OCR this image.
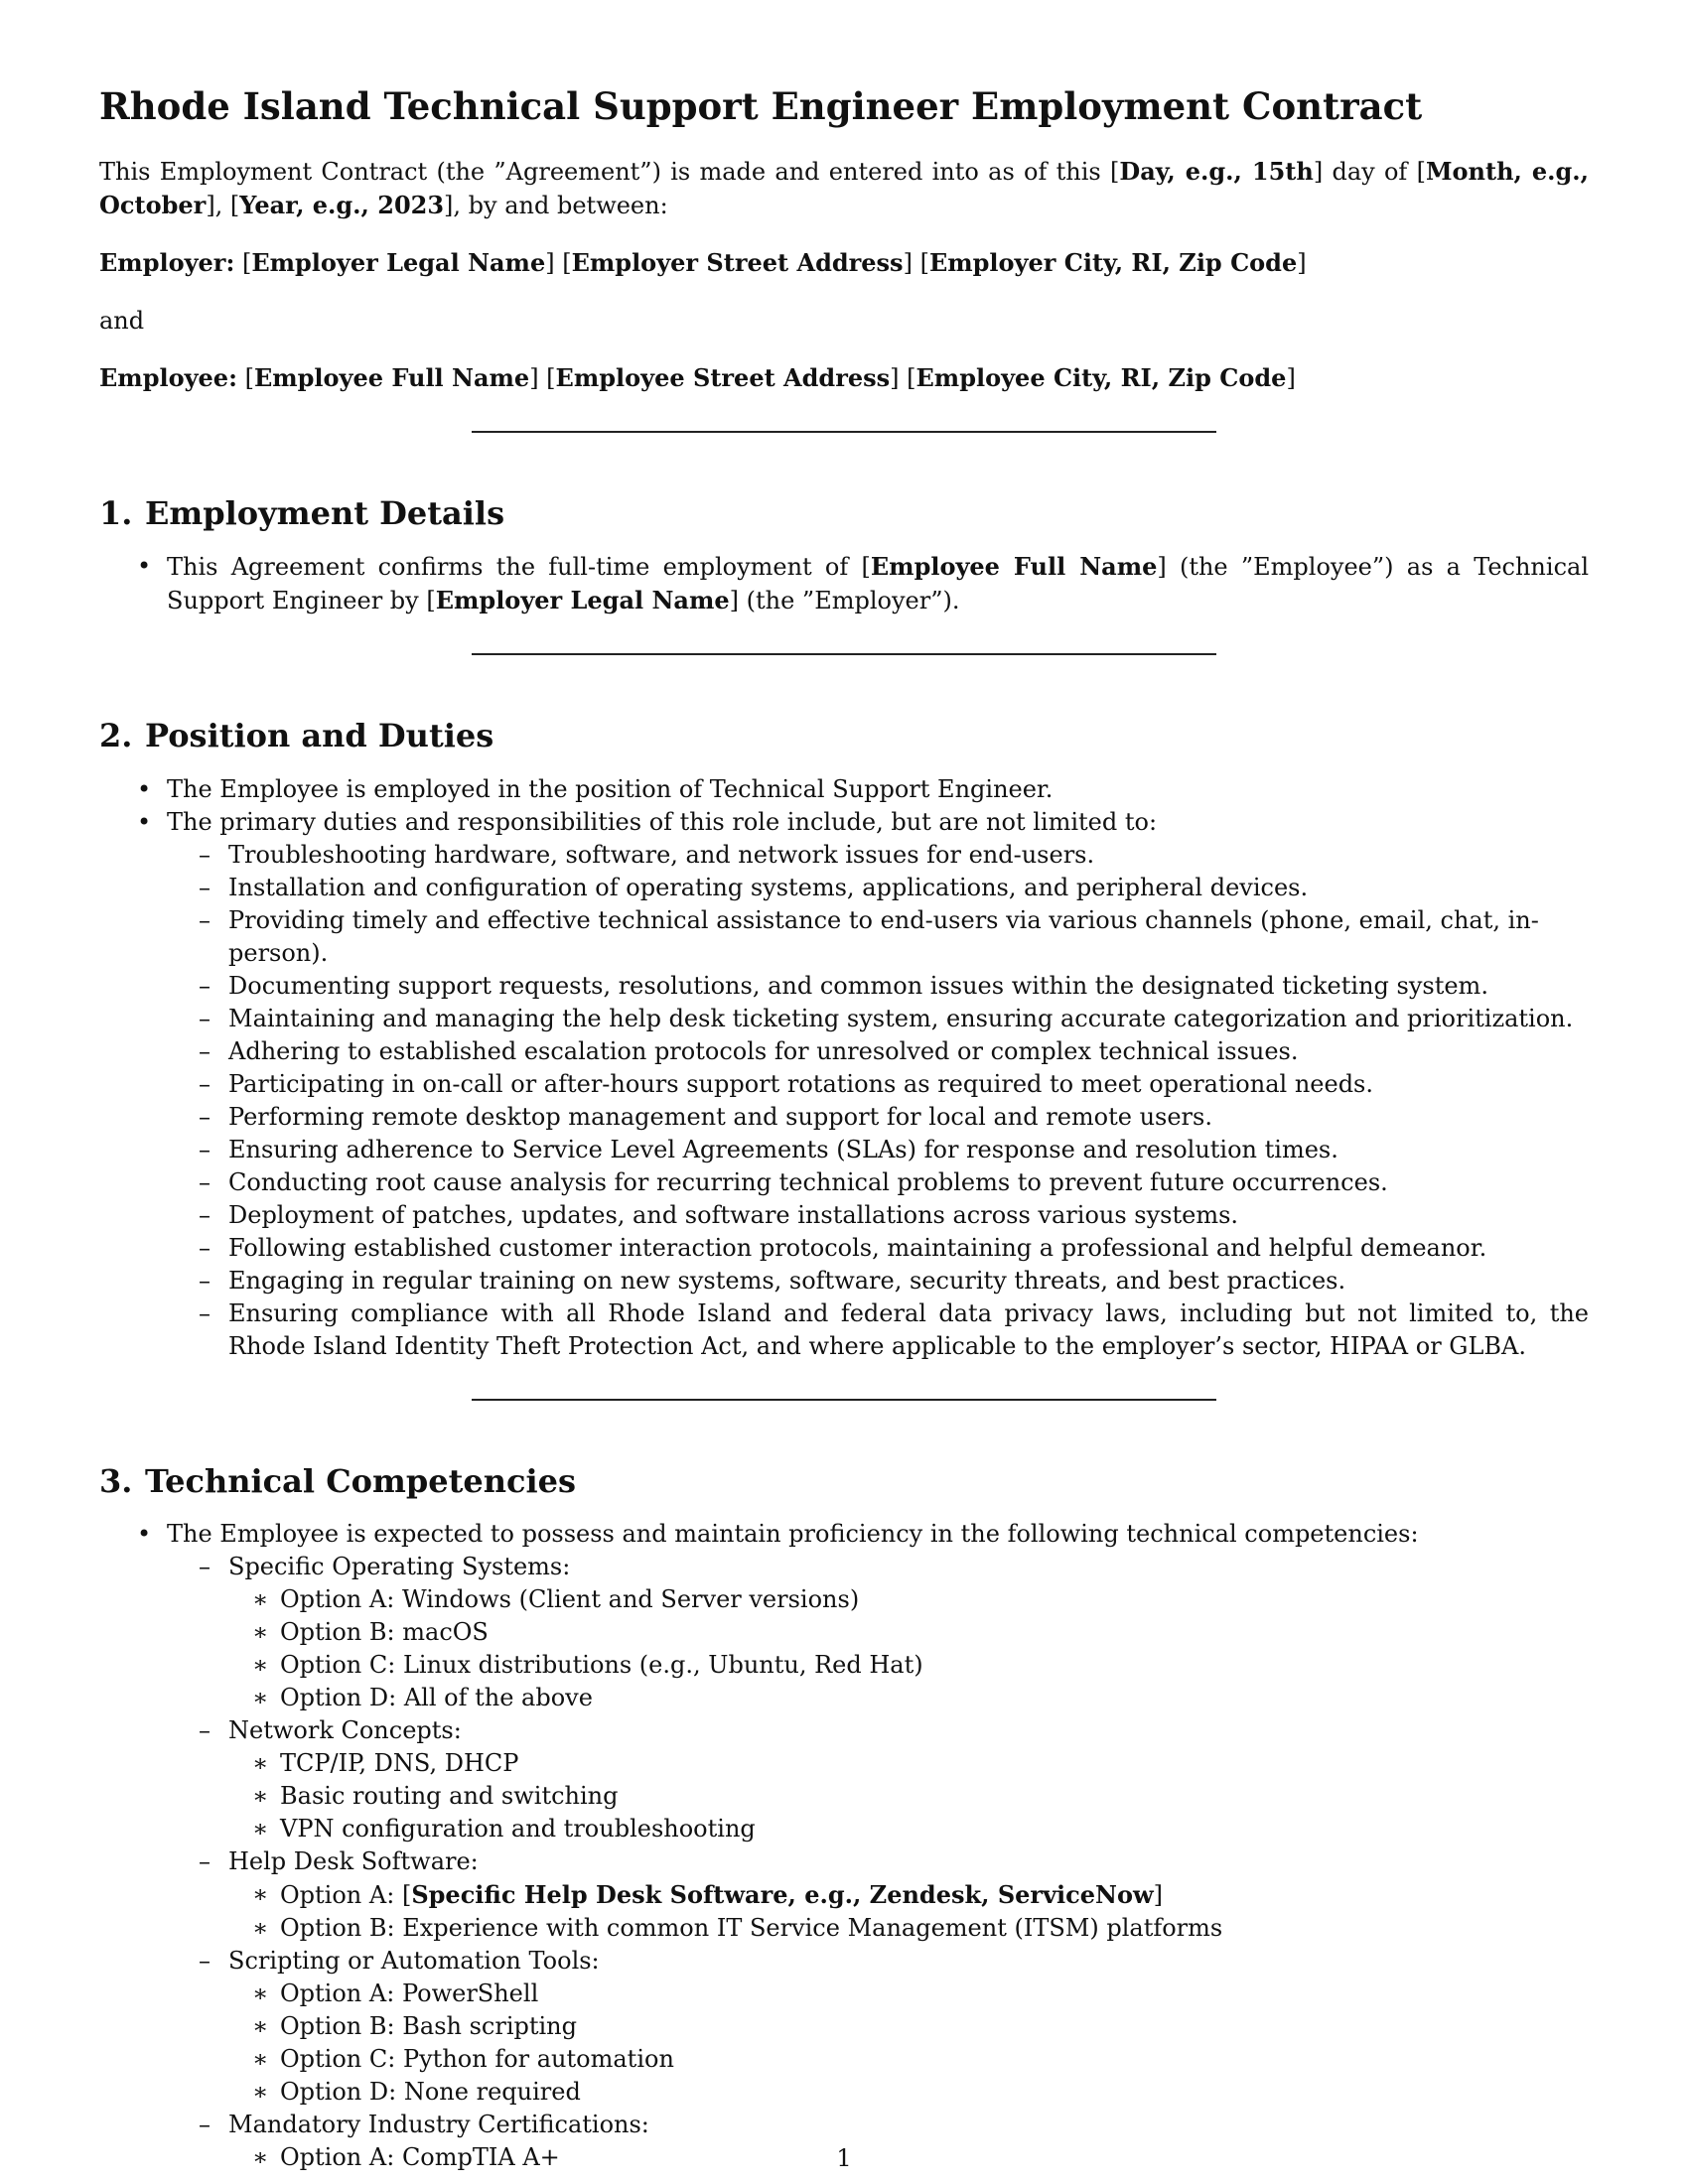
Rhode Island Technical Support Engineer Employment Contract

This Employment Contract (the ”Agreement”) is made and entered into as of this [Day, e.g., 15th] day of [Month, e.g., October], [Year, e.g., 2023], by and between:

Employer: [Employer Legal Name] [Employer Street Address] [Employer City, RI, Zip Code]

and

Employee: [Employee Full Name] [Employee Street Address] [Employee City, RI, Zip Code]

1. Employment Details
• This Agreement confirms the full-time employment of [Employee Full Name] (the ”Employee”) as a Technical Support Engineer by [Employer Legal Name] (the ”Employer”).
2. Position and Duties
• The Employee is employed in the position of Technical Support Engineer.
• The primary duties and responsibilities of this role include, but are not limited to:
– Troubleshooting hardware, software, and network issues for end-users.
– Installation and configuration of operating systems, applications, and peripheral devices.
– Providing timely and effective technical assistance to end-users via various channels (phone, email, chat, in-person).
– Documenting support requests, resolutions, and common issues within the designated ticketing system.
– Maintaining and managing the help desk ticketing system, ensuring accurate categorization and prioritization.
– Adhering to established escalation protocols for unresolved or complex technical issues.
– Participating in on-call or after-hours support rotations as required to meet operational needs.
– Performing remote desktop management and support for local and remote users.
– Ensuring adherence to Service Level Agreements (SLAs) for response and resolution times.
– Conducting root cause analysis for recurring technical problems to prevent future occurrences.
– Deployment of patches, updates, and software installations across various systems.
– Following established customer interaction protocols, maintaining a professional and helpful demeanor.
– Engaging in regular training on new systems, software, security threats, and best practices.
– Ensuring compliance with all Rhode Island and federal data privacy laws, including but not limited to, the Rhode Island Identity Theft Protection Act, and where applicable to the employer’s sector, HIPAA or GLBA.
3. Technical Competencies
• The Employee is expected to possess and maintain proficiency in the following technical competencies:
– Specific Operating Systems:
∗ Option A: Windows (Client and Server versions)
∗ Option B: macOS
∗ Option C: Linux distributions (e.g., Ubuntu, Red Hat)
∗ Option D: All of the above
– Network Concepts:
∗ TCP/IP, DNS, DHCP
∗ Basic routing and switching
∗ VPN configuration and troubleshooting
– Help Desk Software:
∗ Option A: [Specific Help Desk Software, e.g., Zendesk, ServiceNow]
∗ Option B: Experience with common IT Service Management (ITSM) platforms
– Scripting or Automation Tools:
∗ Option A: PowerShell
∗ Option B: Bash scripting
∗ Option C: Python for automation
∗ Option D: None required
– Mandatory Industry Certifications:
∗ Option A: CompTIA A+	1
